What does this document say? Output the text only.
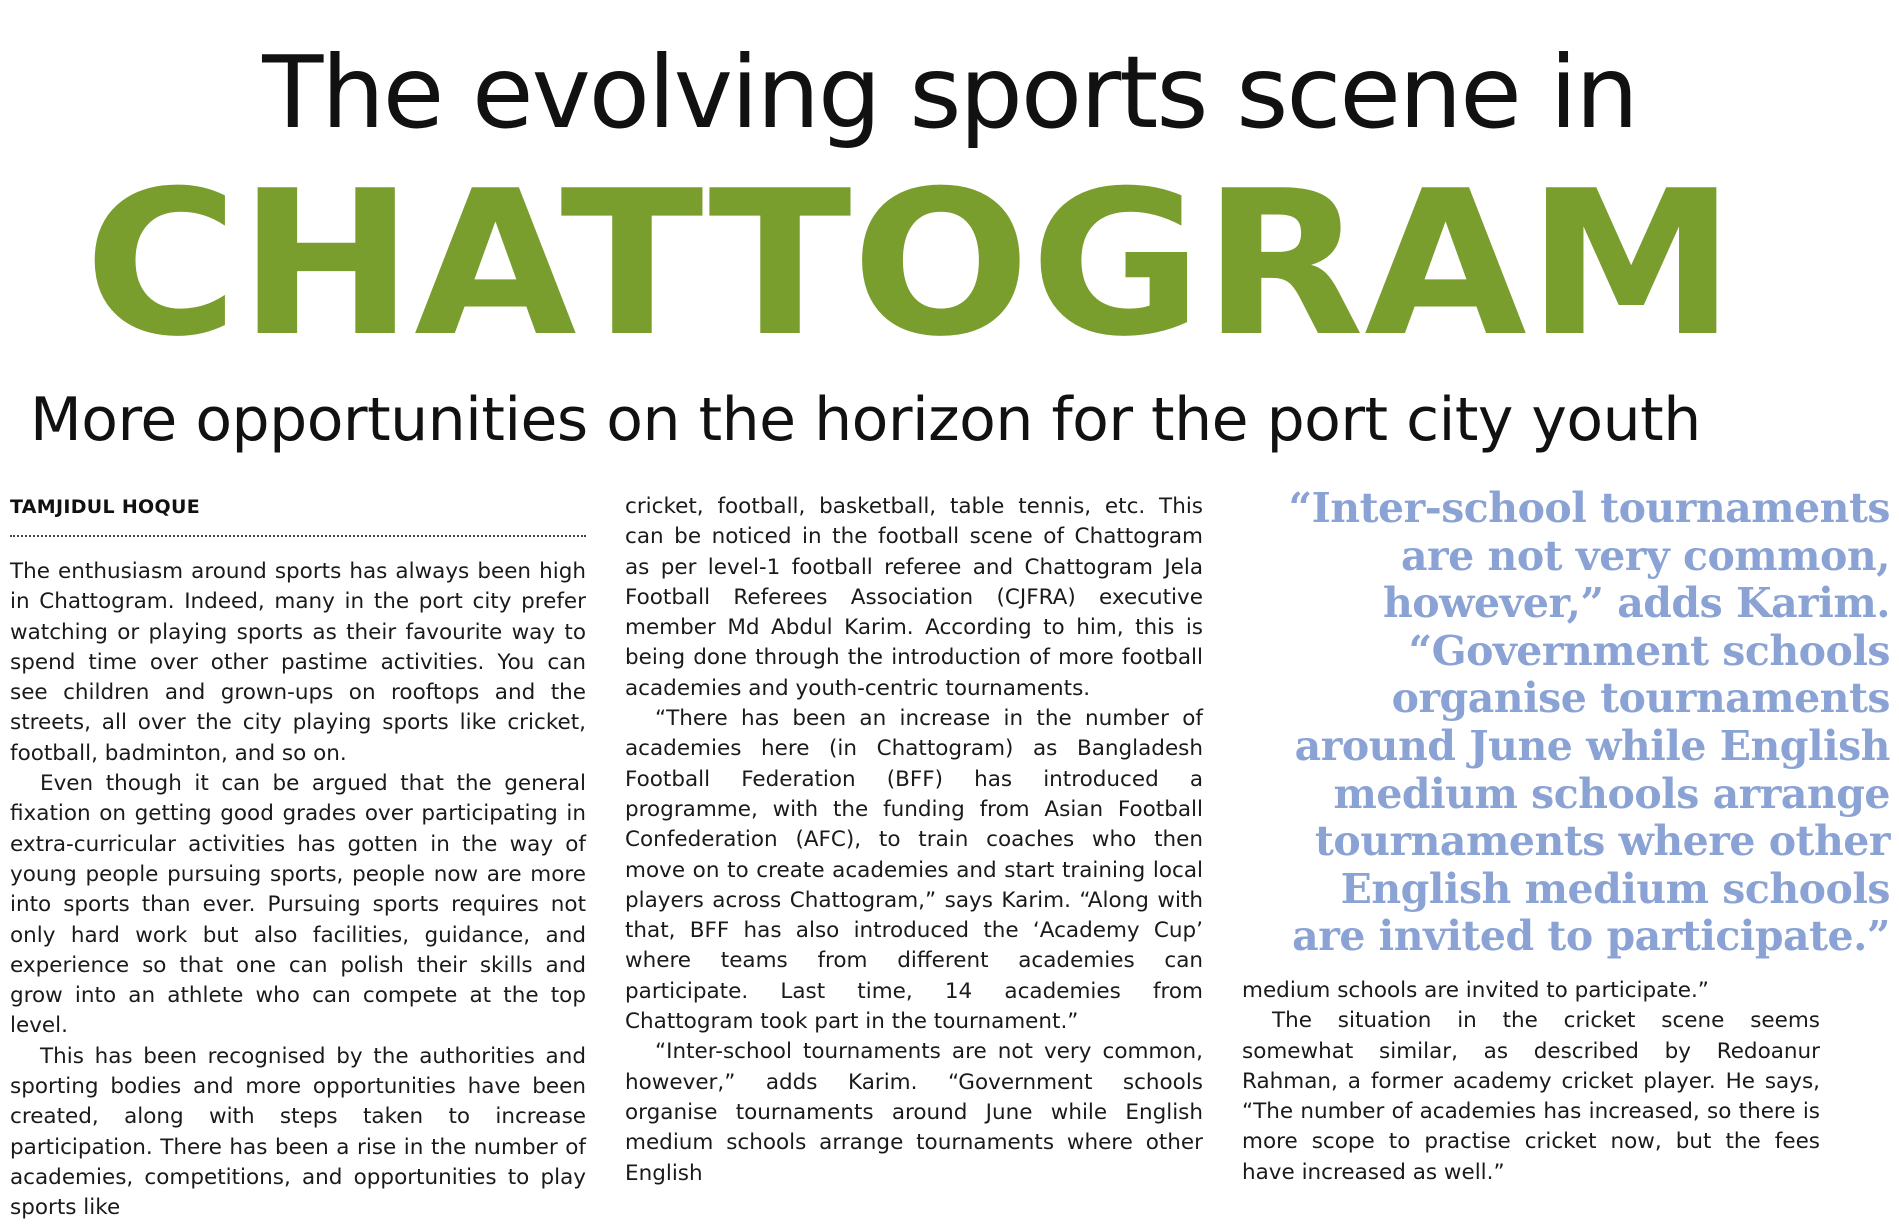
The evolving sports scene in
CHATTOGRAM
More opportunities on the horizon for the port city youth
TAMJIDUL HOQUE

The enthusiasm around sports has always been high in Chattogram. Indeed, many in the port city prefer watching or playing sports as their favourite way to spend time over other pastime activities. You can see children and grown-ups on rooftops and the streets, all over the city playing sports like cricket, football, badminton, and so on.

Even though it can be argued that the general fixation on getting good grades over participating in extra-curricular activities has gotten in the way of young people pursuing sports, people now are more into sports than ever. Pursuing sports requires not only hard work but also facilities, guidance, and experience so that one can polish their skills and grow into an athlete who can compete at the top level.

This has been recognised by the authorities and sporting bodies and more opportunities have been created, along with steps taken to increase participation. There has been a rise in the number of academies, competitions, and opportunities to play sports like

cricket, football, basketball, table tennis, etc. This can be noticed in the football scene of Chattogram as per level-1 football referee and Chattogram Jela Football Referees Association (CJFRA) executive member Md Abdul Karim. According to him, this is being done through the introduction of more football academies and youth-centric tournaments.

“There has been an increase in the number of academies here (in Chattogram) as Bangladesh Football Federation (BFF) has introduced a programme, with the funding from Asian Football Confederation (AFC), to train coaches who then move on to create academies and start training local players across Chattogram,” says Karim. “Along with that, BFF has also introduced the ‘Academy Cup’ where teams from different academies can participate. Last time, 14 academies from Chattogram took part in the tournament.”

“Inter-school tournaments are not very common, however,” adds Karim. “Government schools organise tournaments around June while English medium schools arrange tournaments where other English

“Inter-school tournaments are not very common, however,” adds Karim. “Government schools organise tournaments around June while English medium schools arrange tournaments where other English medium schools are invited to participate.”

medium schools are invited to participate.”

The situation in the cricket scene seems somewhat similar, as described by Redoanur Rahman, a former academy cricket player. He says, “The number of academies has increased, so there is more scope to practise cricket now, but the fees have increased as well.”
